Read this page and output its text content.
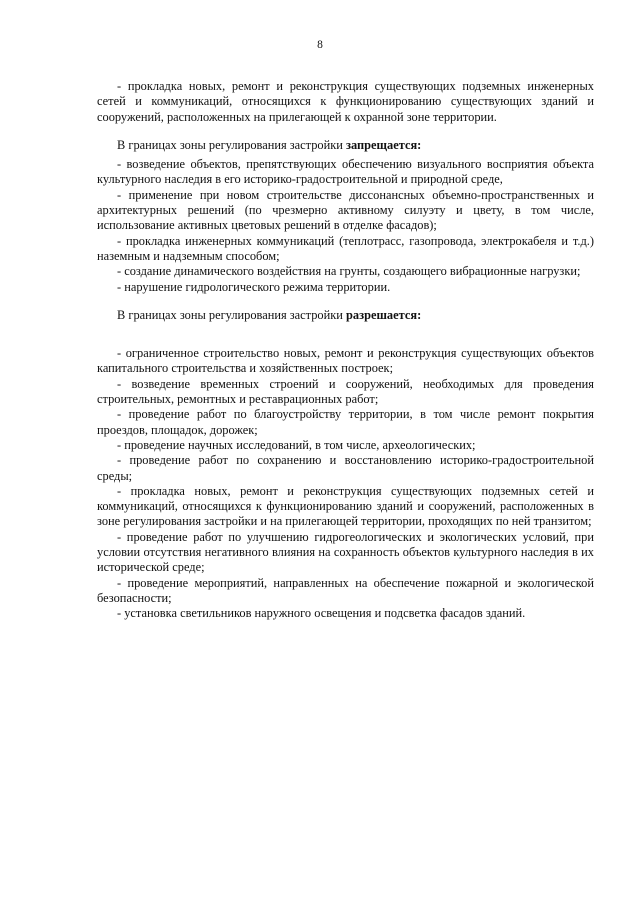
8

- прокладка новых, ремонт и реконструкция существующих подземных инженерных сетей и коммуникаций, относящихся к функционированию существующих зданий и сооружений, расположенных на прилегающей к охранной зоне территории.

В границах зоны регулирования застройки запрещается:

- возведение объектов, препятствующих обеспечению визуального восприятия объекта культурного наследия в его историко-градостроительной и природной среде,

- применение при новом строительстве диссонансных объемно-пространственных и архитектурных решений (по чрезмерно активному силуэту и цвету, в том числе, использование активных цветовых решений в отделке фасадов);

- прокладка инженерных коммуникаций (теплотрасс, газопровода, электрокабеля и т.д.) наземным и надземным способом;

- создание динамического воздействия на грунты, создающего вибрационные нагрузки;

- нарушение гидрологического режима территории.

В границах зоны регулирования застройки разрешается:

- ограниченное строительство новых, ремонт и реконструкция существующих объектов капитального строительства и хозяйственных построек;

- возведение временных строений и сооружений, необходимых для проведения строительных, ремонтных и реставрационных работ;

- проведение работ по благоустройству территории, в том числе ремонт покрытия проездов, площадок, дорожек;

- проведение научных исследований, в том числе, археологических;

- проведение работ по сохранению и восстановлению историко-градостроительной среды;

- прокладка новых, ремонт и реконструкция существующих подземных сетей и коммуникаций, относящихся к функционированию зданий и сооружений, расположенных в зоне регулирования застройки и на прилегающей территории, проходящих по ней транзитом;

- проведение работ по улучшению гидрогеологических и экологических условий, при условии отсутствия негативного влияния на сохранность объектов культурного наследия в их исторической среде;

- проведение мероприятий, направленных на обеспечение пожарной и экологической безопасности;

- установка светильников наружного освещения и подсветка фасадов зданий.
